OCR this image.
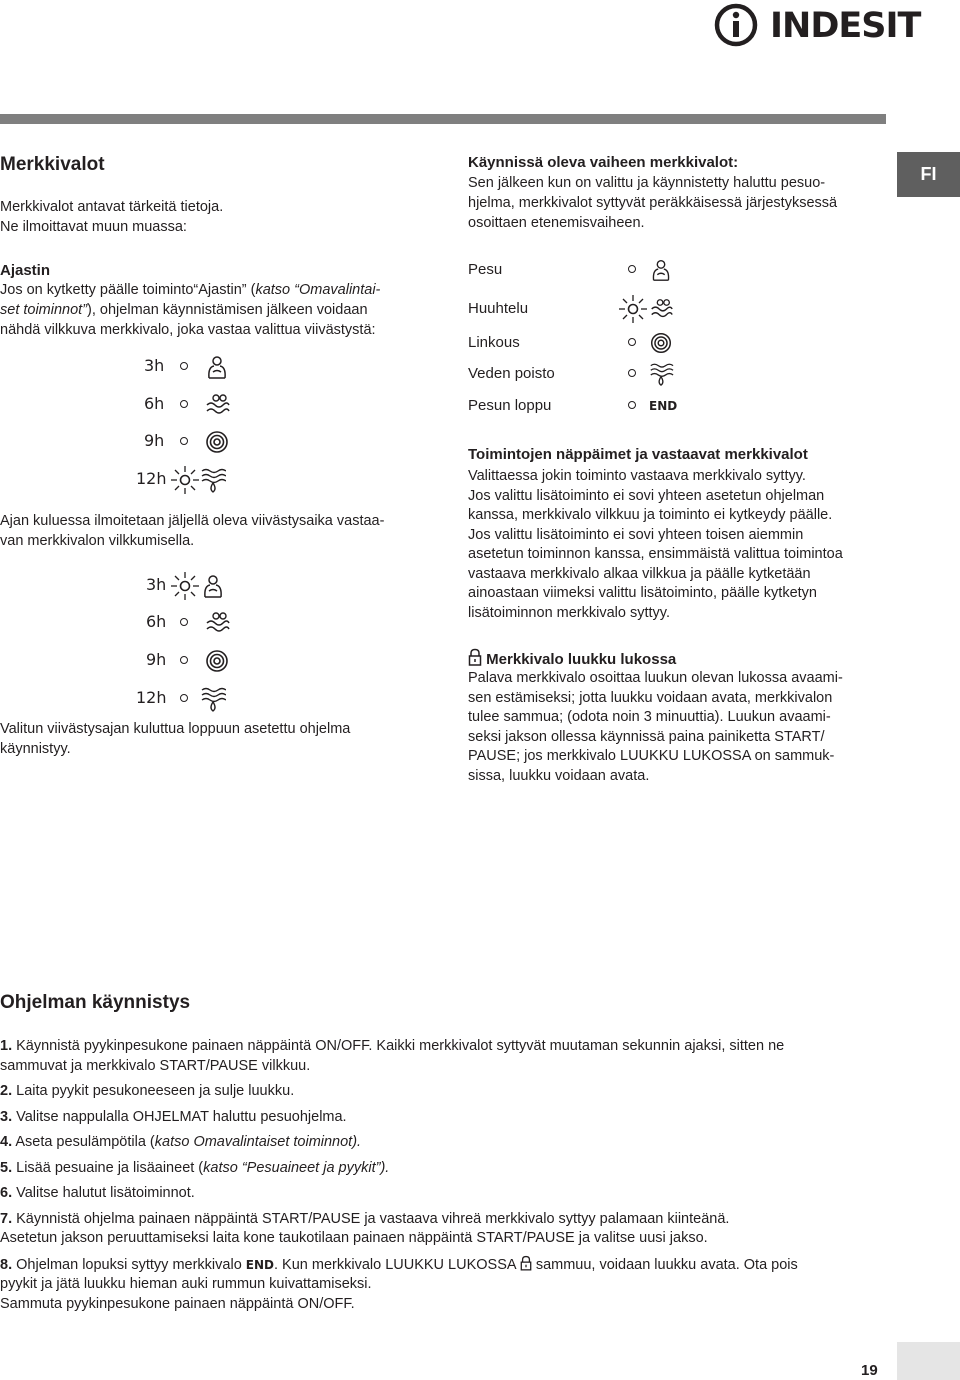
INDESIT
FI
Merkkivalot
Merkkivalot antavat tärkeitä tietoja.
Ne ilmoittavat muun muassa:
Ajastin
Jos on kytketty päälle toiminto“Ajastin” (katso “Omavalintai-
set toiminnot”), ohjelman käynnistämisen jälkeen voidaan
nähdä vilkkuva merkkivalo, joka vastaa valittua viivästystä:
3h
6h
9h
12h
Ajan kuluessa ilmoitetaan jäljellä oleva viivästysaika vastaa-
van merkkivalon vilkkumisella.
3h
6h
9h
12h
Valitun viivästysajan kuluttua loppuun asetettu ohjelma
käynnistyy.
Käynnissä oleva vaiheen merkkivalot:
Sen jälkeen kun on valittu ja käynnistetty haluttu pesuo-
hjelma, merkkivalot syttyvät peräkkäisessä järjestyksessä
osoittaen etenemisvaiheen.
Pesu
Huuhtelu
Linkous
Veden poisto
Pesun loppu	END
Toimintojen näppäimet ja vastaavat merkkivalot
Valittaessa jokin toiminto vastaava merkkivalo syttyy.
Jos valittu lisätoiminto ei sovi yhteen asetetun ohjelman
kanssa, merkkivalo vilkkuu ja toiminto ei kytkeydy päälle.
Jos valittu lisätoiminto ei sovi yhteen toisen aiemmin
asetetun toiminnon kanssa, ensimmäistä valittua toimintoa
vastaava merkkivalo alkaa vilkkua ja päälle kytketään
ainoastaan viimeksi valittu lisätoiminto, päälle kytketyn
lisätoiminnon merkkivalo syttyy.
Merkkivalo luukku lukossa
Palava merkkivalo osoittaa luukun olevan lukossa avaami-
sen estämiseksi; jotta luukku voidaan avata, merkkivalon
tulee sammua; (odota noin 3 minuuttia). Luukun avaami-
seksi jakson ollessa käynnissä paina painiketta START/
PAUSE; jos merkkivalo LUUKKU LUKOSSA on sammuk-
sissa, luukku voidaan avata.
Ohjelman käynnistys
1. Käynnistä pyykinpesukone painaen näppäintä ON/OFF. Kaikki merkkivalot syttyvät muutaman sekunnin ajaksi, sitten ne
sammuvat ja merkkivalo START/PAUSE vilkkuu.
2. Laita pyykit pesukoneeseen ja sulje luukku.
3. Valitse nappulalla OHJELMAT haluttu pesuohjelma.
4. Aseta pesulämpötila (katso Omavalintaiset toiminnot).
5. Lisää pesuaine ja lisäaineet (katso “Pesuaineet ja pyykit”).
6. Valitse halutut lisätoiminnot.
7. Käynnistä ohjelma painaen näppäintä START/PAUSE ja vastaava vihreä merkkivalo syttyy palamaan kiinteänä.
Asetetun jakson peruuttamiseksi laita kone taukotilaan painaen näppäintä START/PAUSE ja valitse uusi jakso.
8. Ohjelman lopuksi syttyy merkkivalo END. Kun merkkivalo LUUKKU LUKOSSA sammuu, voidaan luukku avata. Ota pois
pyykit ja jätä luukku hieman auki rummun kuivattamiseksi.
Sammuta pyykinpesukone painaen näppäintä ON/OFF.
19
